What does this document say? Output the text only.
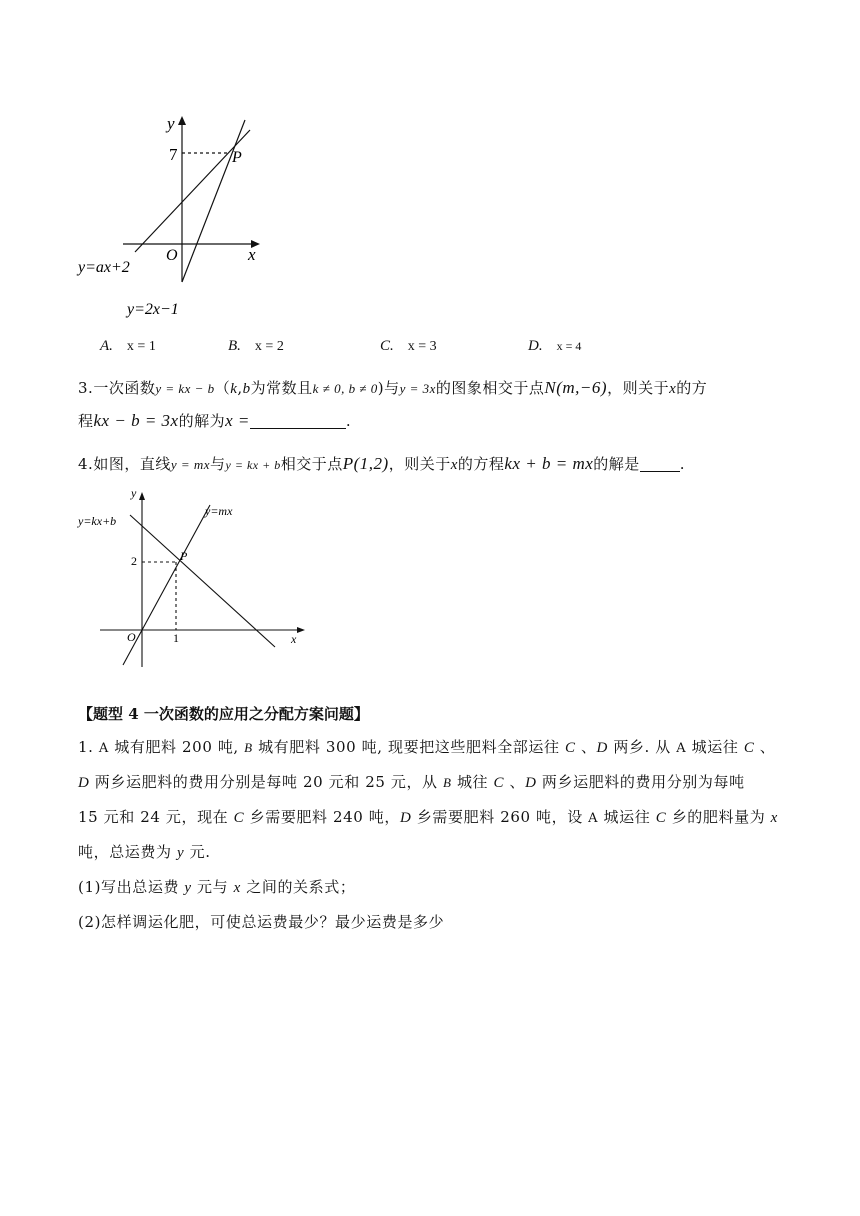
y
x
O
7	P
y=ax+2
y=2x−1
A. x = 1	B. x = 2	C. x = 3	D. x = 4
3.一次函数y = kx − b（k,b为常数且k ≠ 0, b ≠ 0)与y = 3x的图象相交于点N(m,−6)，则关于x的方
程kx − b = 3x的解为x =	.
4.如图，直线y = mx与y = kx + b相交于点P(1,2)，则关于x的方程kx + b = mx的解是	.
y
x
O
2
1
P
y=kx+b
y=mx
【题型 4 一次函数的应用之分配方案问题】
1. A 城有肥料 200 吨, B 城有肥料 300 吨, 现要把这些肥料全部运往 C 、D 两乡. 从 A 城运往 C 、
D 两乡运肥料的费用分别是每吨 20 元和 25 元，从 B 城往 C 、D 两乡运肥料的费用分别为每吨
15 元和 24 元，现在 C 乡需要肥料 240 吨，D 乡需要肥料 260 吨，设 A 城运往 C 乡的肥料量为 x
吨，总运费为 y 元.
(1)写出总运费 y 元与 x 之间的关系式；
(2)怎样调运化肥，可使总运费最少？最少运费是多少
